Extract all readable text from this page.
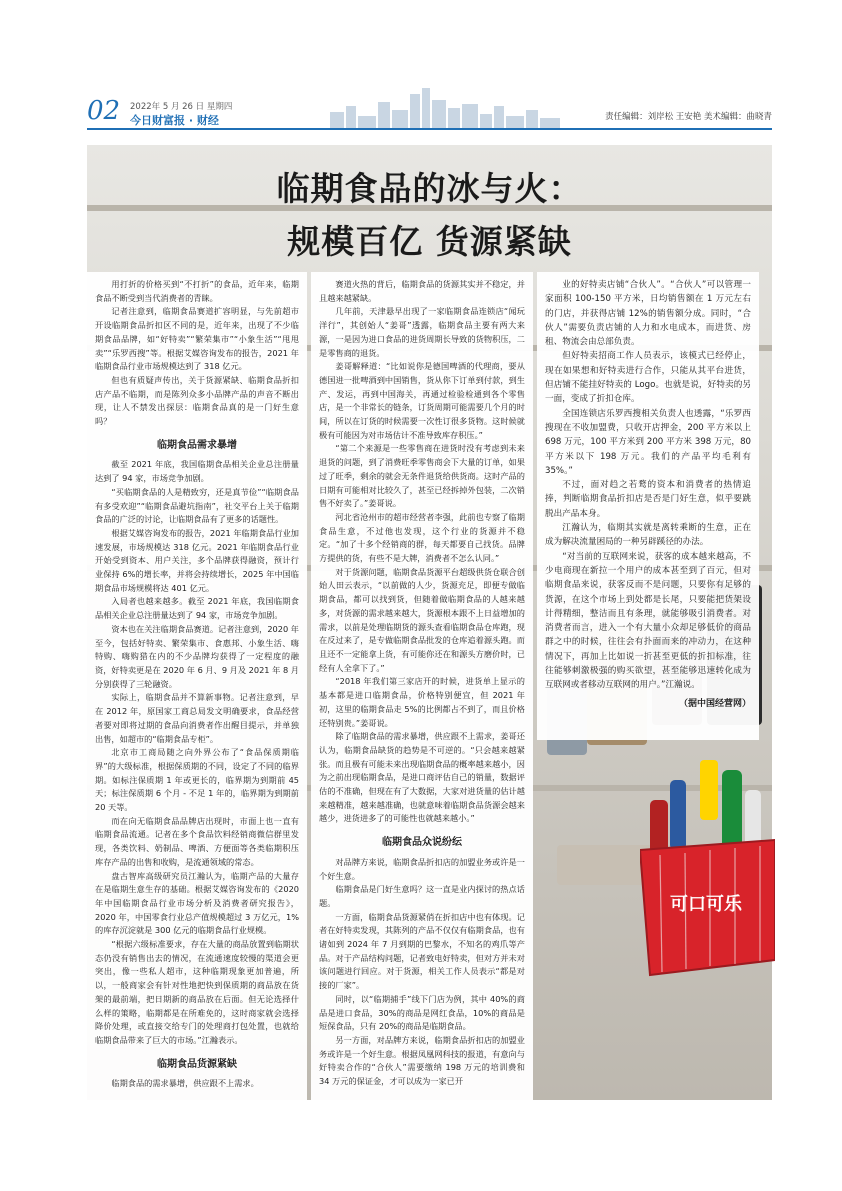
02 2022年 5 月 26 日 星期四
今日财富报 · 财经	责任编辑：刘岸松 王安艳 美术编辑：曲晓青
临期食品的冰与火：
规模百亿 货源紧缺
可口可乐

用打折的价格买到“不打折”的食品，近年来，临期食品不断受到当代消费者的青睐。

记者注意到，临期食品赛道扩容明显，与先前超市开设临期食品折扣区不同的是，近年来，出现了不少临期食品品牌，如“好特卖”“繁荣集市”“小象生活”“甩甩卖”“乐罗西搜”等。根据艾媒咨询发布的报告，2021 年临期食品行业市场规模达到了 318 亿元。

但也有质疑声传出，关于货源紧缺、临期食品折扣店产品不临期，而是陈列众多小品牌产品的声音不断出现，让人不禁发出探层：临期食品真的是一门好生意吗？

临期食品需求暴增

截至 2021 年底，我国临期食品相关企业总注册量达到了 94 家，市场竞争加剧。

“买临期食品的人是精致穷，还是真节俭”“临期食品有多受欢迎”“临期食品避坑指南”，社交平台上关于临期食品的广泛的讨论，让临期食品有了更多的话题性。

根据艾媒咨询发布的报告，2021 年临期食品行业加速发展，市场规模达 318 亿元。2021 年临期食品行业开始受到资本、用户关注，多个品牌获得融资，预计行业保持 6%的增长率，并将会持续增长，2025 年中国临期食品市场规模将达 401 亿元。

入局者也越来越多。截至 2021 年底，我国临期食品相关企业总注册量达到了 94 家，市场竞争加剧。

资本也在关注临期食品赛道。记者注意到，2020 年至今，包括好特卖、繁荣集市、食惠邦、小象生活、嗨特购、嗨购猎在内的不少品牌均获得了一定程度的融资，好特卖更是在 2020 年 6 月、9 月及 2021 年 8 月分别获得了三轮融资。

实际上，临期食品并不算新事物。记者注意到，早在 2012 年，原国家工商总局发文明确要求，食品经营者要对即将过期的食品向消费者作出醒目提示，并单独出售，如超市的“临期食品专柜”。

北京市工商局随之向外界公布了“食品保质期临界”的大级标准，根据保质期的不同，设定了不同的临界期。如标注保质期 1 年或更长的，临界期为到期前 45 天；标注保质期 6 个月 - 不足 1 年的，临界期为到期前 20 天等。

而在向无临期食品品牌店出现时，市面上也一直有临期食品流通。记者在多个食品饮料经销商微信群里发现，各类饮料、奶制品、啤酒、方便面等各类临期积压库存产品的出售和收购，是流通领域的常态。

盘古智库高级研究员江瀚认为，临期产品的大量存在是临期生意生存的基础。根据艾媒咨询发布的《2020 年中国临期食品行业市场分析及消费者研究报告》，2020 年，中国零食行业总产值规模超过 3 万亿元，1%的库存沉淀就是 300 亿元的临期食品行业规模。

“根据六级标准要求，存在大量的商品放置到临期状态仍没有销售出去的情况，在流通速度较慢的渠道会更突出，像一些私人超市，这种临期现象更加普遍，所以，一般商家会有针对性地把快到保质期的商品放在货架的最前端，把日期新的商品放在后面。但无论选择什么样的策略，临期都是在所难免的，这时商家就会选择降价处理，或直接交给专门的处理商打包处置，也就给临期食品带来了巨大的市场。”江瀚表示。

临期食品货源紧缺

临期食品的需求暴增，供应跟不上需求。

赛道火热的背后，临期食品的货源其实并不稳定，并且越来越紧缺。

几年前，天津悬早出现了一家临期食品连锁店“闻玩洋行”，其创始人“姜哥”透露，临期食品主要有两大来源，一是因为进口食品的进货周期长导致的货物积压，二是零售商的退货。

姜哥解释道：“比如说你是德国啤酒的代理商，要从德国进一批啤酒到中国销售，货从你下订单到付款，到生产、发运，再到中国海关，再通过检验检通到各个零售店，是一个非常长的链条，订货周期可能需要几个月的时间，所以在订货的时候需要一次性订很多货物。这时候就极有可能因为对市场估计不准导致库存积压。”

“第二个来源是一些零售商在进货时没有考虑到未来退货的问题，到了消费旺季零售商会下大量的订单，如果过了旺季，剩余的就会无条件退货给供货商。这时产品的日期有可能相对比较久了，甚至已经拆掉外包装，二次销售不好卖了。”姜哥说。

河北省沧州市的超市经营者李强，此前也专察了临期食品生意，不过他也发现，这个行业的货源并不稳定。“加了十多个经销商的群，每天都要自己找货。品牌方提供的货，有些不是大牌，消费者不怎么认同。”

对于货源问题，临期食品货源平台超级供货仓联合创始人田云表示，“以前做的人少，货源充足，即便专做临期食品，都可以找到货，但随着做临期食品的人越来越多，对货源的需求越来越大，货源根本跟不上日益增加的需求，以前是处理临期货的源头查看临期食品仓库跑，现在反过来了，是专做临期食品批发的仓库追着源头跑。而且还不一定能拿上货，有可能你还在和源头方磨价时，已经有人全拿下了。”

“2018 年我们第三家店开的时候，进货单上显示的基本都是进口临期食品，价格特别便宜，但 2021 年初，这里的临期食品走 5%的比例都占不到了，而且价格还特别贵。”姜哥说。

除了临期食品的需求暴增，供应跟不上需求，姜哥还认为，临期食品缺货的趋势是不可逆的。“只会越来越紧张。而且极有可能未来出现临期食品的概率越来越小，因为之前出现临期食品，是进口商评估自己的销量，数据评估的不准确，但现在有了大数据，大家对进货量的估计越来越精准，越来越准确，也就意味着临期食品货源会越来越少，进货进多了的可能性也就越来越小。”

临期食品众说纷纭

对品牌方来说，临期食品折扣店的加盟业务或许是一个好生意。

临期食品是门好生意吗？这一直是业内探讨的热点话题。

一方面，临期食品货源紧俏在折扣店中也有体现。记者在好特卖发现，其陈列的产品不仅仅有临期食品，也有诸如到 2024 年 7 月到期的巴黎水，不知名的鸡爪等产品。对于产品结构问题，记者致电好特卖，但对方并未对该问题进行回应。对于货源，相关工作人员表示“都是对接的厂家”。

同时，以“临期捕手”线下门店为例，其中 40%的商品是进口食品，30%的商品是网红食品，10%的商品是短保食品，只有 20%的商品是临期食品。

另一方面，对品牌方来说，临期食品折扣店的加盟业务或许是一个好生意。根据凤凰网科技的报道，有意向与好特卖合作的“合伙人”需要缴纳 198 万元的培训费和 34 万元的保证金，才可以成为一家已开

业的好特卖店铺“合伙人”。“合伙人”可以管理一家面积 100-150 平方米，日均销售额在 1 万元左右的门店，并获得店铺 12%的销售额分成。同时，“合伙人”需要负责店铺的人力和水电成本，而进货、房租、物流会由总部负责。

但好特卖招商工作人员表示，该模式已经停止，现在如果想和好特卖进行合作，只能从其平台进货，但店铺不能挂好特卖的 Logo。也就是说，好特卖的另一面，变成了折扣仓库。

全国连锁店乐罗西搜相关负责人也透露，“乐罗西搜现在不收加盟费，只收开店押金，200 平方米以上 698 万元，100 平方米到 200 平方米 398 万元，80 平方米以下 198 万元。我们的产品平均毛利有 35%。”

不过，面对趋之若鹜的资本和消费者的热情追捧，判断临期食品折扣店是否是门好生意，似乎要跳脱出产品本身。

江瀚认为，临期其实就是离转乘断的生意，正在成为解决流量困局的一种另辟蹊径的办法。

“对当前的互联网来说，获客的成本越来越高，不少电商现在新拉一个用户的成本甚至到了百元，但对临期食品来说，获客反而不是问题，只要你有足够的货源，在这个市场上到处都是长尾，只要能把货架设计得精细，整洁而且有条理，就能够吸引消费者。对消费者而言，进入一个有大量小众却足够低价的商品群之中的时候，往往会有扑面而来的冲动力，在这种情况下，再加上比如说一折甚至更低的折扣标准，往往能够刺激极强的购买欲望，甚至能够迅速转化成为互联网或者移动互联网的用户。”江瀚说。

（据中国经营网）
